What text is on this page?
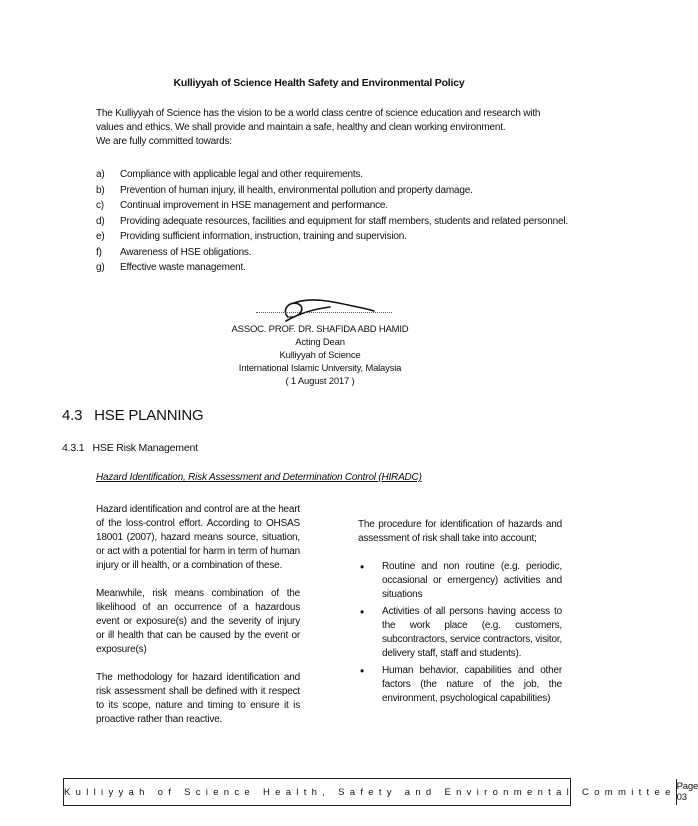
Kulliyyah of Science Health Safety and Environmental Policy

The Kulliyyah of Science has the vision to be a world class centre of science education and research with values and ethics. We shall provide and maintain a safe, healthy and clean working environment.

We are fully committed towards:

a)	Compliance with applicable legal and other requirements.
b)	Prevention of human injury, ill health, environmental pollution and property damage.
c)	Continual improvement in HSE management and performance.
d)	Providing adequate resources, facilities and equipment for staff members, students and related personnel.
e)	Providing sufficient information, instruction, training and supervision.
f)	Awareness of HSE obligations.
g)	Effective waste management.
ASSOC. PROF. DR. SHAFIDA ABD HAMID
Acting Dean
Kulliyyah of Science
International Islamic University, Malaysia
( 1 August 2017 )
4.3   HSE PLANNING
4.3.1   HSE Risk Management
Hazard Identification, Risk Assessment and Determination Control (HIRADC)

Hazard identification and control are at the heart of the loss-control effort. According to OHSAS 18001 (2007), hazard means source, situation, or act with a potential for harm in term of human injury or ill health, or a combination of these.

Meanwhile, risk means combination of the likelihood of an occurrence of a hazardous event or exposure(s) and the severity of injury or ill health that can be caused by the event or exposure(s)

The methodology for hazard identification and risk assessment shall be defined with it respect to its scope, nature and timing to ensure it is proactive rather than reactive.

The procedure for identification of hazards and assessment of risk shall take into account;

•	Routine and non routine (e.g. periodic, occasional or emergency) activities and situations
•	Activities of all persons having access to the work place (e.g. customers, subcontractors, service contractors, visitor, delivery staff, staff and students).
•	Human behavior, capabilities and other factors (the nature of the job, the environment, psychological capabilities)
Kulliyyah of Science Health, Safety and Environmental Committee Page 03
